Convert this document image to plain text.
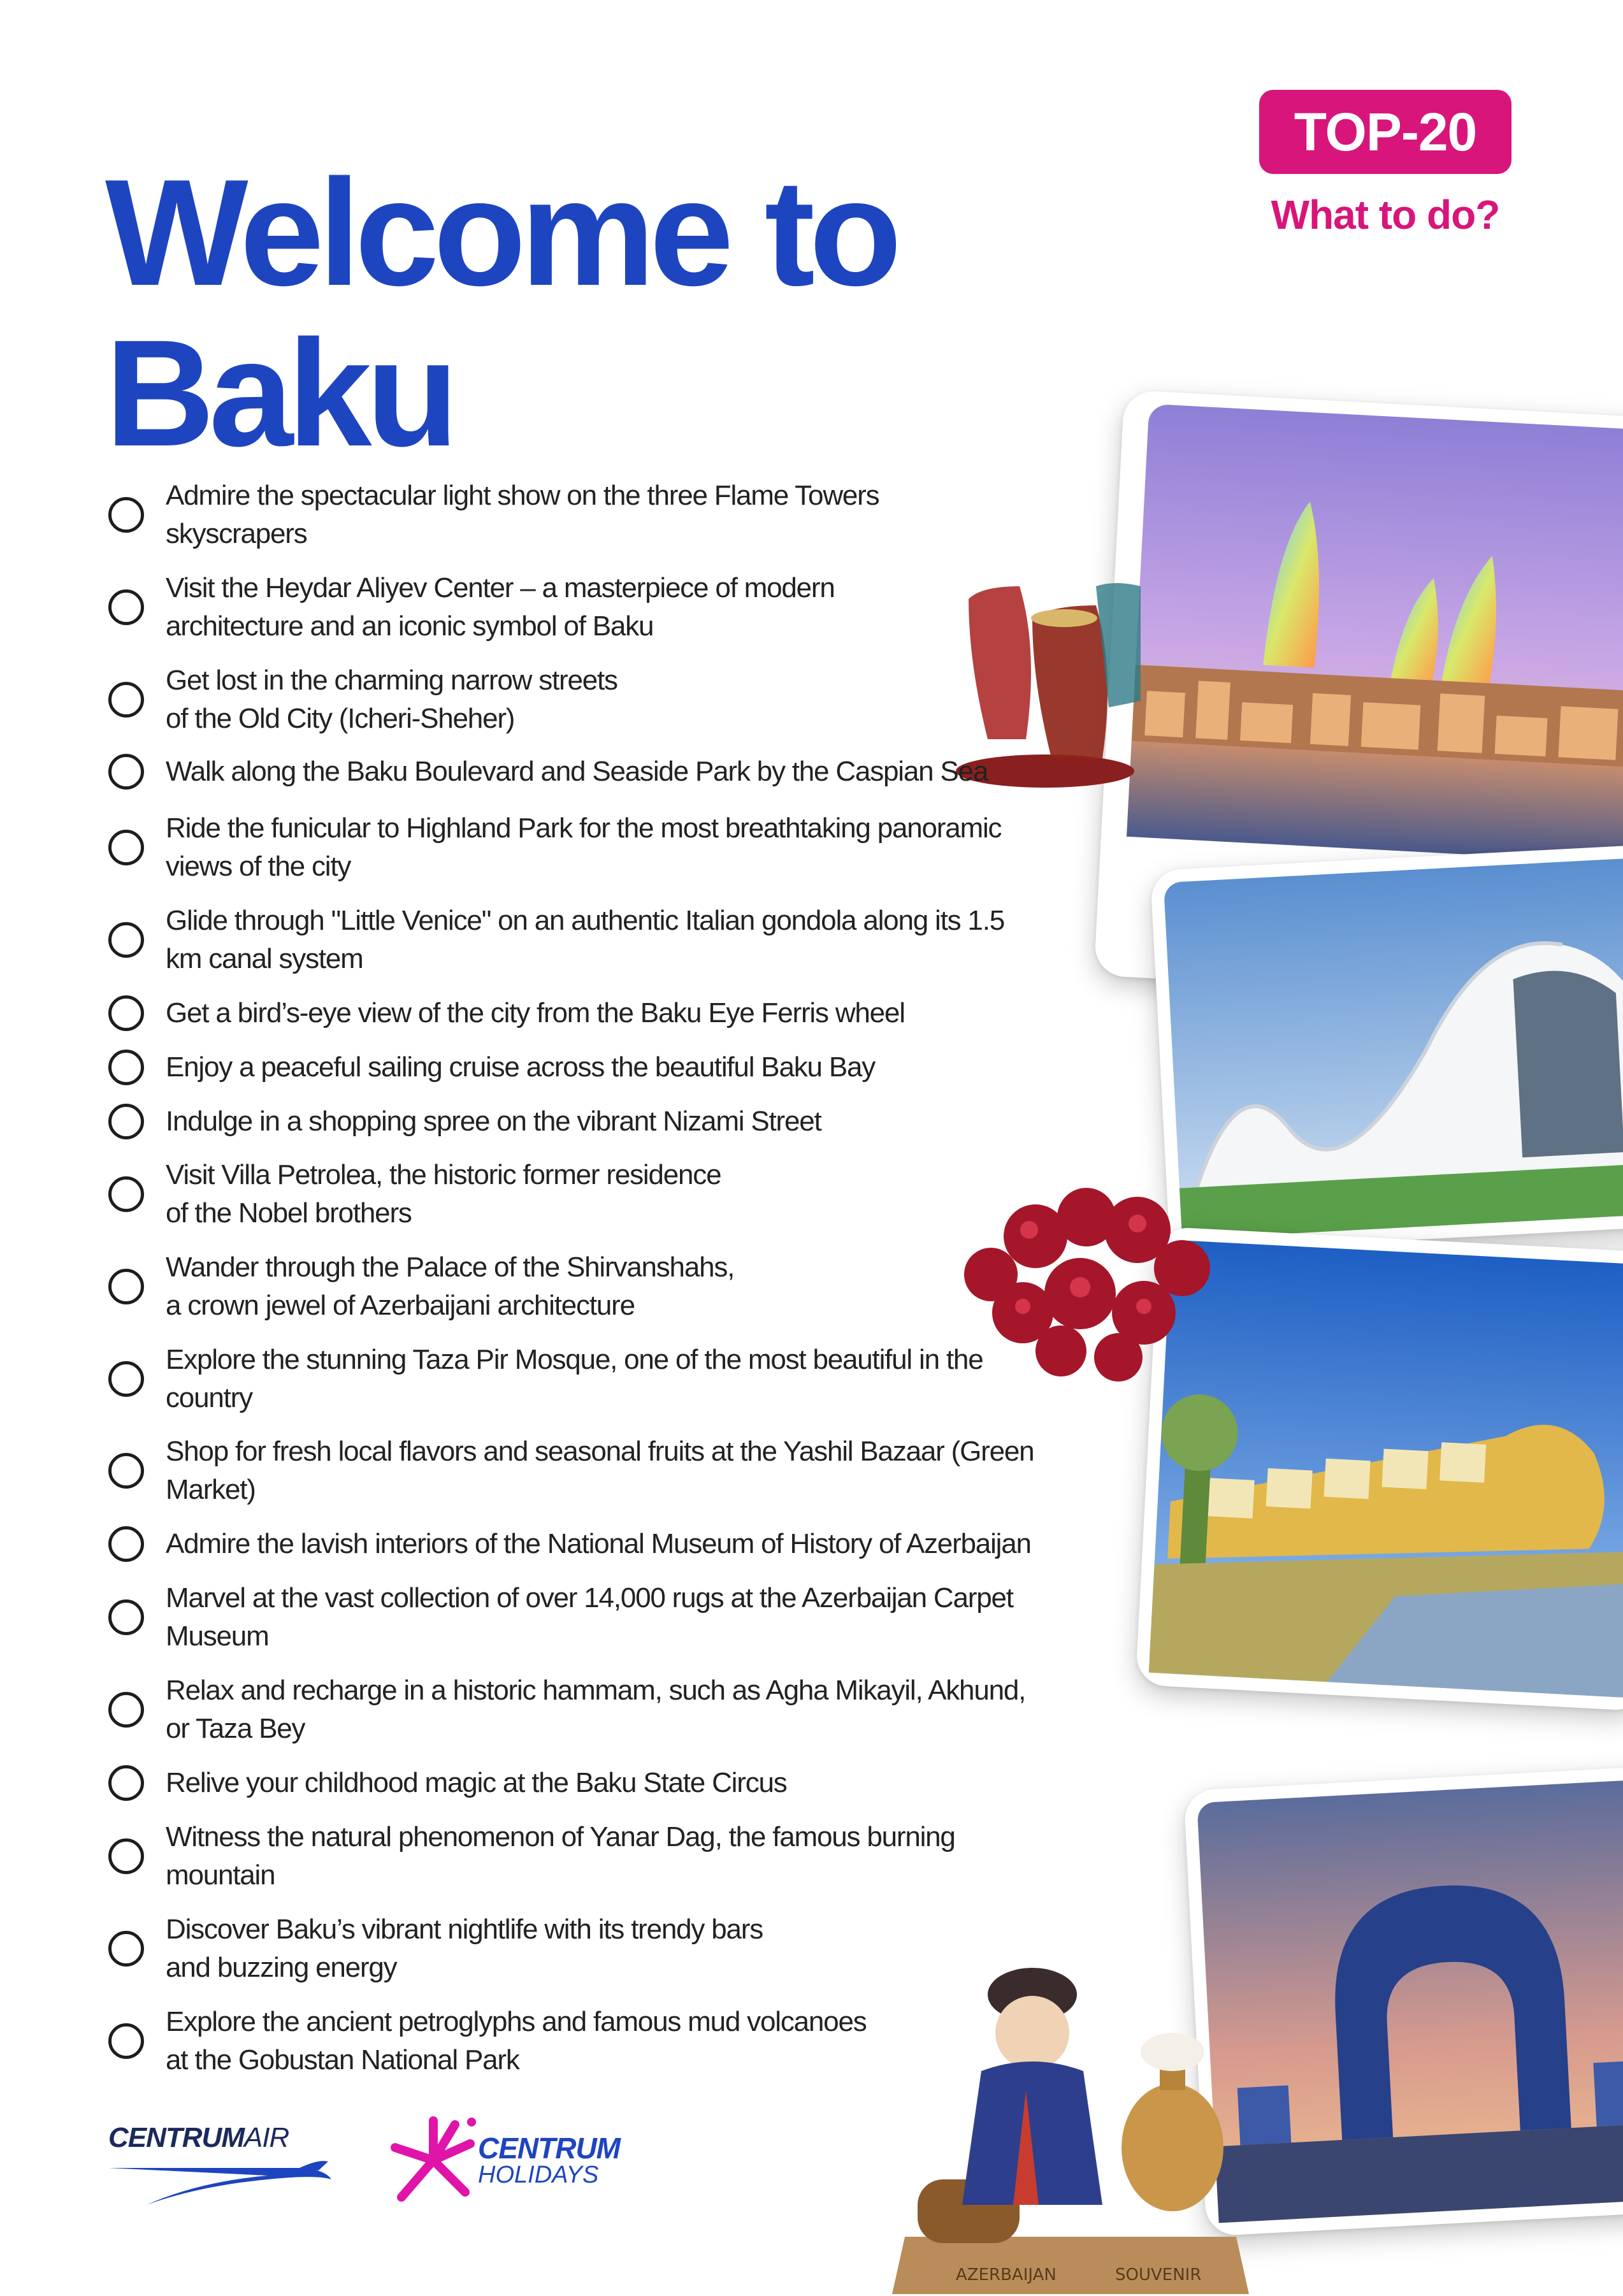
TOP-20
What to do?
Welcome to
Baku
AZERBAIJAN	SOUVENIR
Admire the spectacular light show on the three Flame Towers
skyscrapers
Visit the Heydar Aliyev Center – a masterpiece of modern
architecture and an iconic symbol of Baku
Get lost in the charming narrow streets
of the Old City (Icheri-Sheher)
Walk along the Baku Boulevard and Seaside Park by the Caspian Sea
Ride the funicular to Highland Park for the most breathtaking panoramic
views of the city
Glide through "Little Venice" on an authentic Italian gondola along its 1.5
km canal system
Get a bird’s-eye view of the city from the Baku Eye Ferris wheel
Enjoy a peaceful sailing cruise across the beautiful Baku Bay
Indulge in a shopping spree on the vibrant Nizami Street
Visit Villa Petrolea, the historic former residence
of the Nobel brothers
Wander through the Palace of the Shirvanshahs,
a crown jewel of Azerbaijani architecture
Explore the stunning Taza Pir Mosque, one of the most beautiful in the
country
Shop for fresh local flavors and seasonal fruits at the Yashil Bazaar (Green
Market)
Admire the lavish interiors of the National Museum of History of Azerbaijan
Marvel at the vast collection of over 14,000 rugs at the Azerbaijan Carpet
Museum
Relax and recharge in a historic hammam, such as Agha Mikayil, Akhund,
or Taza Bey
Relive your childhood magic at the Baku State Circus
Witness the natural phenomenon of Yanar Dag, the famous burning
mountain
Discover Baku’s vibrant nightlife with its trendy bars
and buzzing energy
Explore the ancient petroglyphs and famous mud volcanoes
at the Gobustan National Park
CENTRUMAIR	CENTRUM
HOLIDAYS
